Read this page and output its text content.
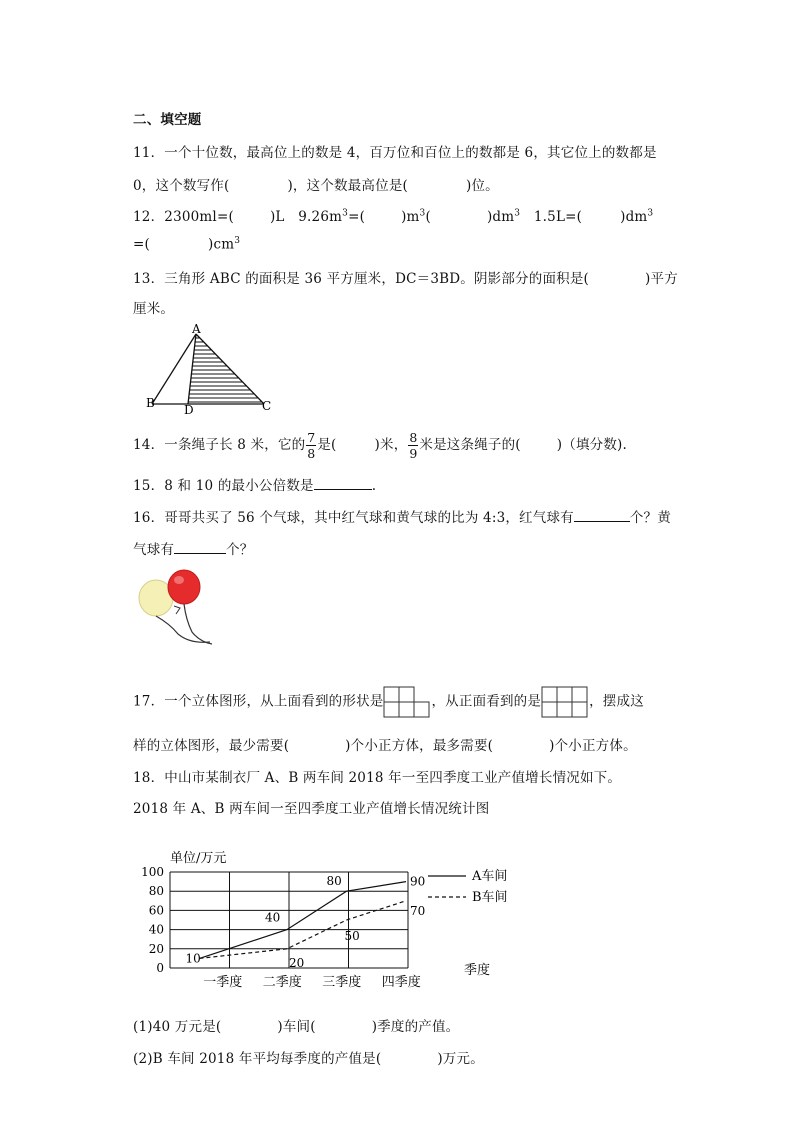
二、填空题
11．一个十位数，最高位上的数是 4，百万位和百位上的数都是 6，其它位上的数都是
0，这个数写作(	)，这个数最高位是(	)位。
12．2300ml=(	)L　$9.26m^3=$(	)$m^3$(	)$dm^3$　1.5L=(	)$dm^3$
=(	)$cm^3$
13．三角形 ABC 的面积是 36 平方厘米，DC＝3BD。阴影部分的面积是(	)平方
厘米。
A
B D	C
14．一条绳子长 8 米，它的 $\frac{7}{8}$ 是(	)米， $\frac{8}{9}$ 米是这条绳子的(	)（填分数).
15．8 和 10 的最小公倍数是	.
16．哥哥共买了 56 个气球，其中红气球和黄气球的比为 4:3，红气球有	个？黄
气球有	个？
17．一个立体图形，从上面看到的形状是	，从正面看到的是	，摆成这
样的立体图形，最少需要(	)个小正方体，最多需要(	)个小正方体。
18．中山市某制衣厂 A、B 两车间 2018 年一至四季度工业产值增长情况如下。
2018 年 A、B 两车间一至四季度工业产值增长情况统计图
0
20
40
60
80
100
单位/万元
季度
一季度 二季度 三季度 四季度
10
40
80	90
20
50
70
A车间
B车间
(1)40 万元是(	)车间(	)季度的产值。
(2)B 车间 2018 年平均每季度的产值是(	)万元。
